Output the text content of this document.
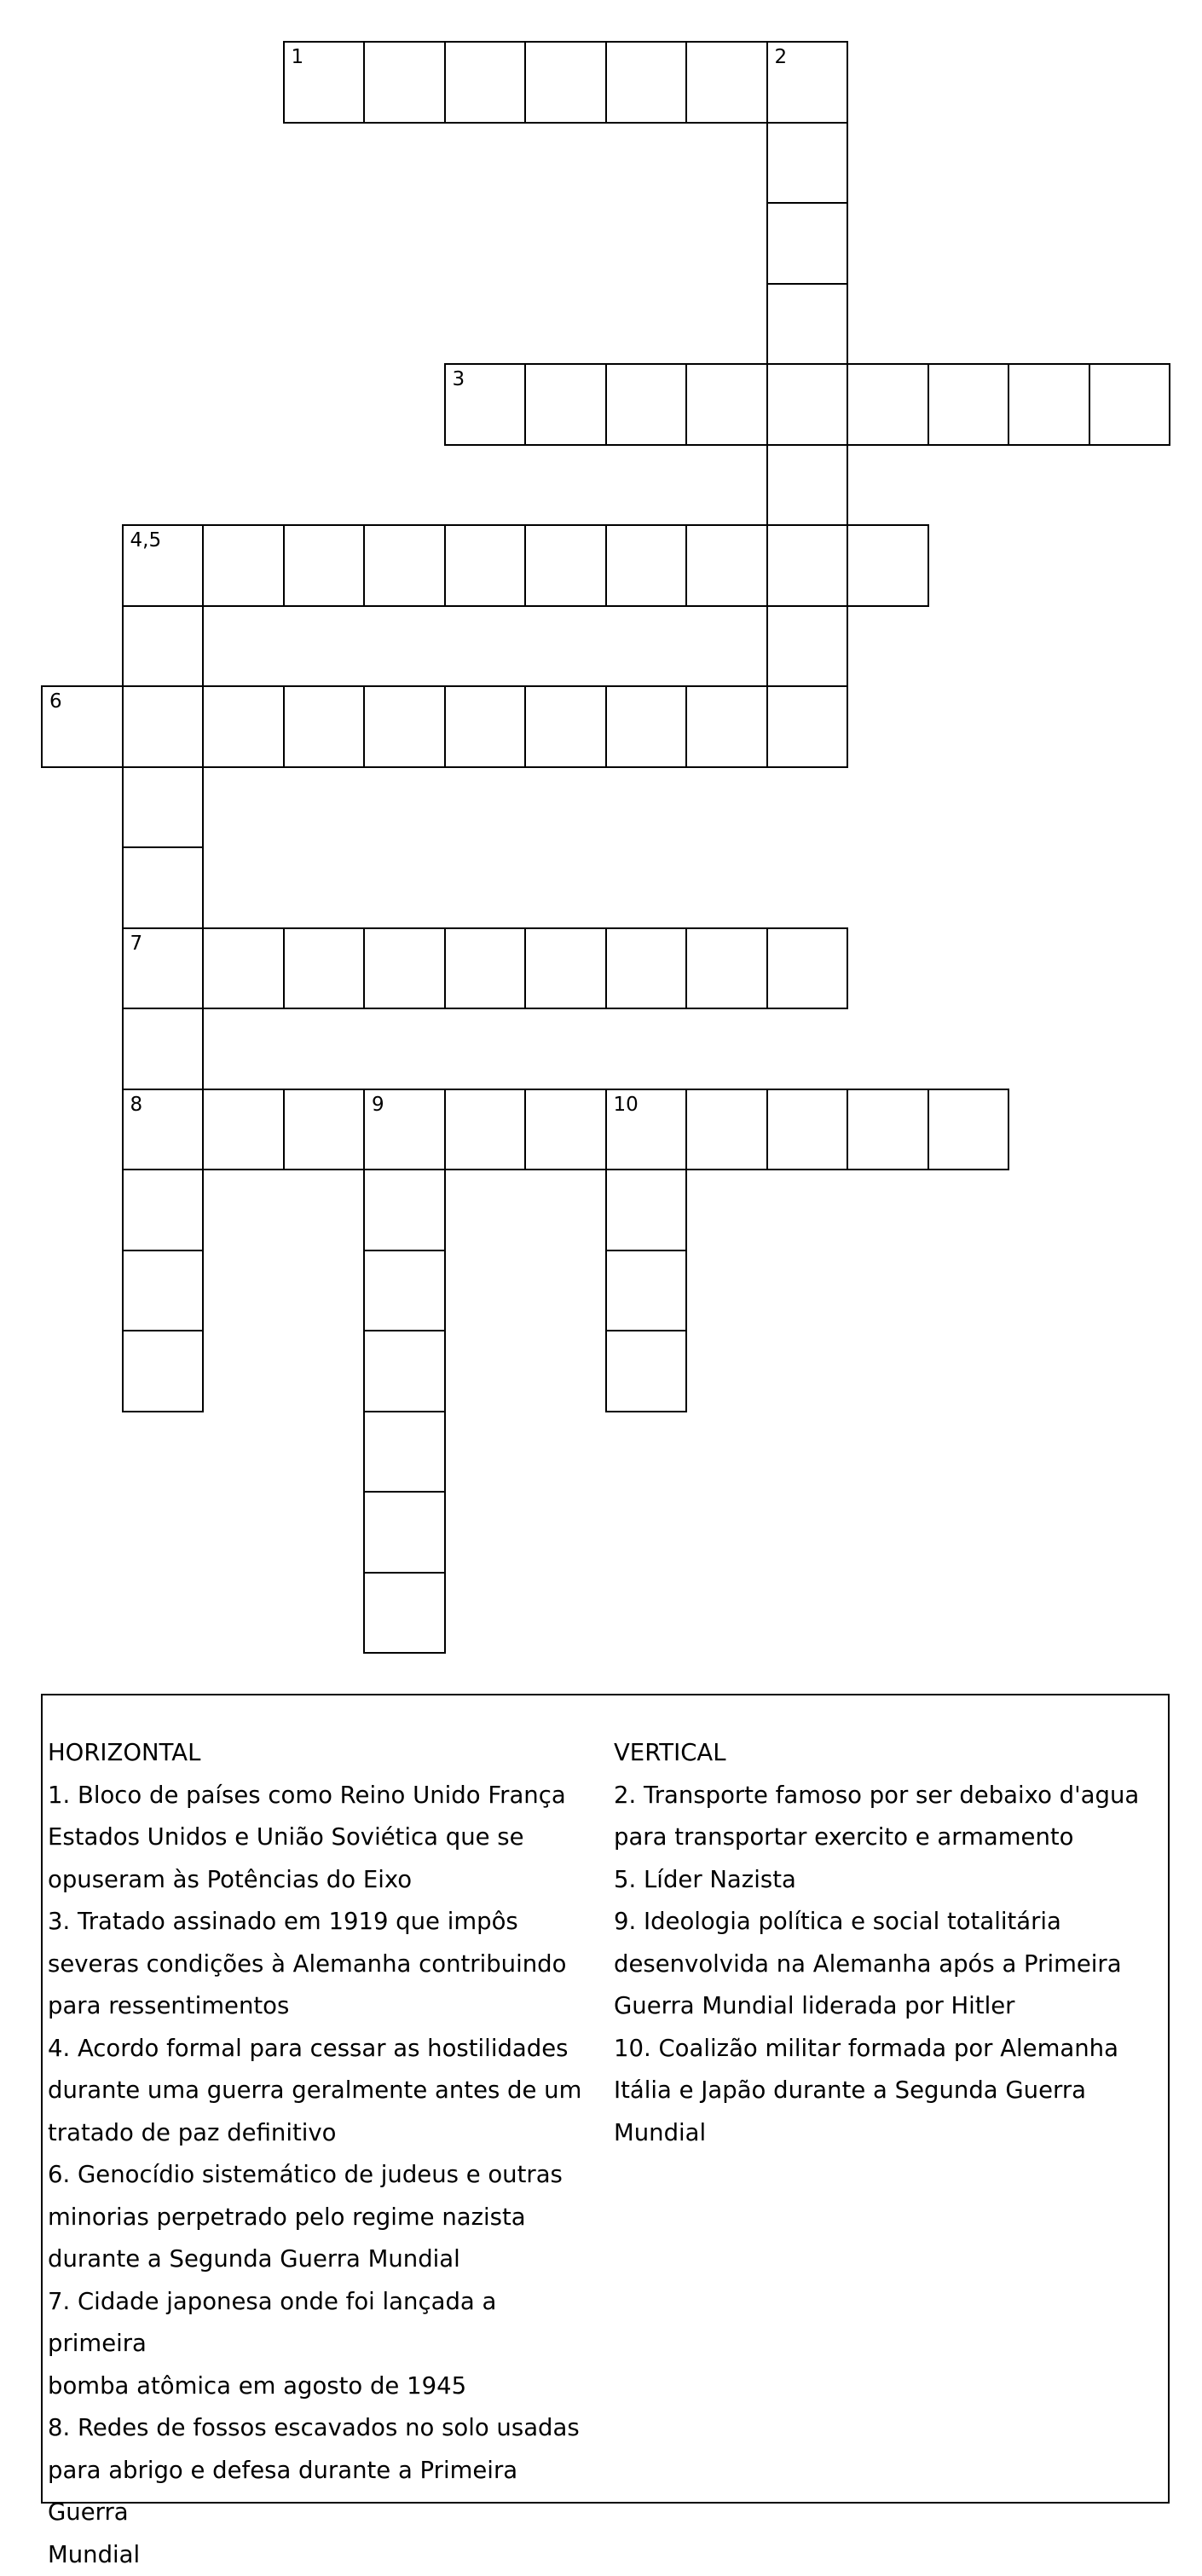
1	2
3
4,5
7
8
6
9	10

HORIZONTAL

1. Bloco de países como Reino Unido França

Estados Unidos e União Soviética que se

opuseram às Potências do Eixo

3. Tratado assinado em 1919 que impôs

severas condições à Alemanha contribuindo

para ressentimentos

4. Acordo formal para cessar as hostilidades

durante uma guerra geralmente antes de um

tratado de paz definitivo

6. Genocídio sistemático de judeus e outras

minorias perpetrado pelo regime nazista

durante a Segunda Guerra Mundial

7. Cidade japonesa onde foi lançada a primeira

bomba atômica em agosto de 1945

8. Redes de fossos escavados no solo usadas

para abrigo e defesa durante a Primeira Guerra

Mundial

VERTICAL

2. Transporte famoso por ser debaixo d'agua

para transportar exercito e armamento

5. Líder Nazista

9. Ideologia política e social totalitária

desenvolvida na Alemanha após a Primeira

Guerra Mundial liderada por Hitler

10. Coalizão militar formada por Alemanha

Itália e Japão durante a Segunda Guerra

Mundial
